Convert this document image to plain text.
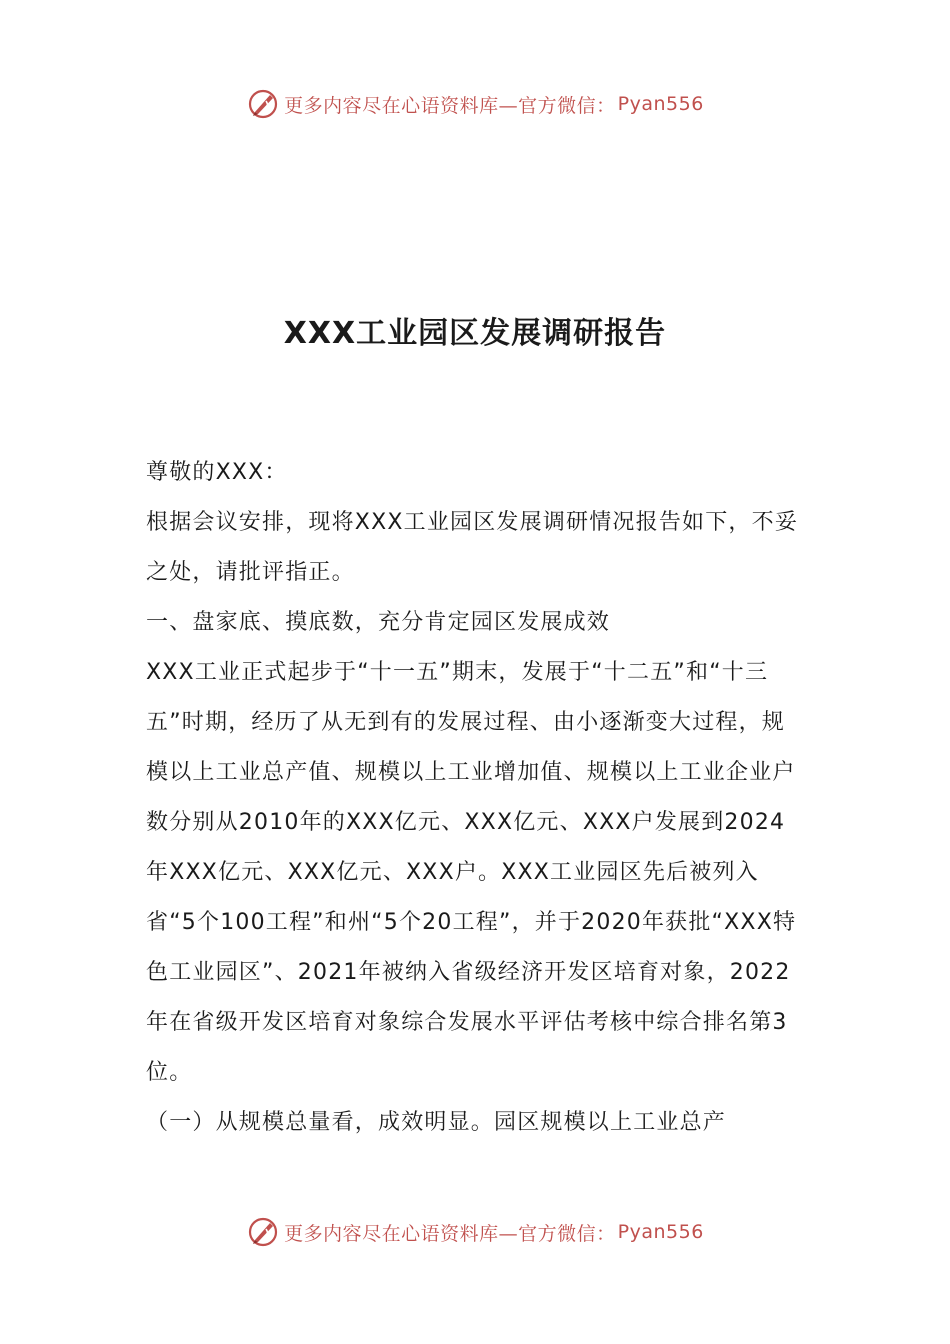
更多内容尽在心语资料库—官方微信： Pyan556
XXX工业园区发展调研报告

尊敬的XXX：

根据会议安排，现将XXX工业园区发展调研情况报告如下，不妥之处，请批评指正。

一、盘家底、摸底数，充分肯定园区发展成效

XXX工业正式起步于“十一五”期末，发展于“十二五”和“十三五”时期，经历了从无到有的发展过程、由小逐渐变大过程，规模以上工业总产值、规模以上工业增加值、规模以上工业企业户数分别从2010年的XXX亿元、XXX亿元、XXX户发展到2024年XXX亿元、XXX亿元、XXX户。XXX工业园区先后被列入省“5个100工程”和州“5个20工程”，并于2020年获批“XXX特色工业园区”、2021年被纳入省级经济开发区培育对象，2022年在省级开发区培育对象综合发展水平评估考核中综合排名第3位。

（一）从规模总量看，成效明显。园区规模以上工业总产

更多内容尽在心语资料库—官方微信： Pyan556
